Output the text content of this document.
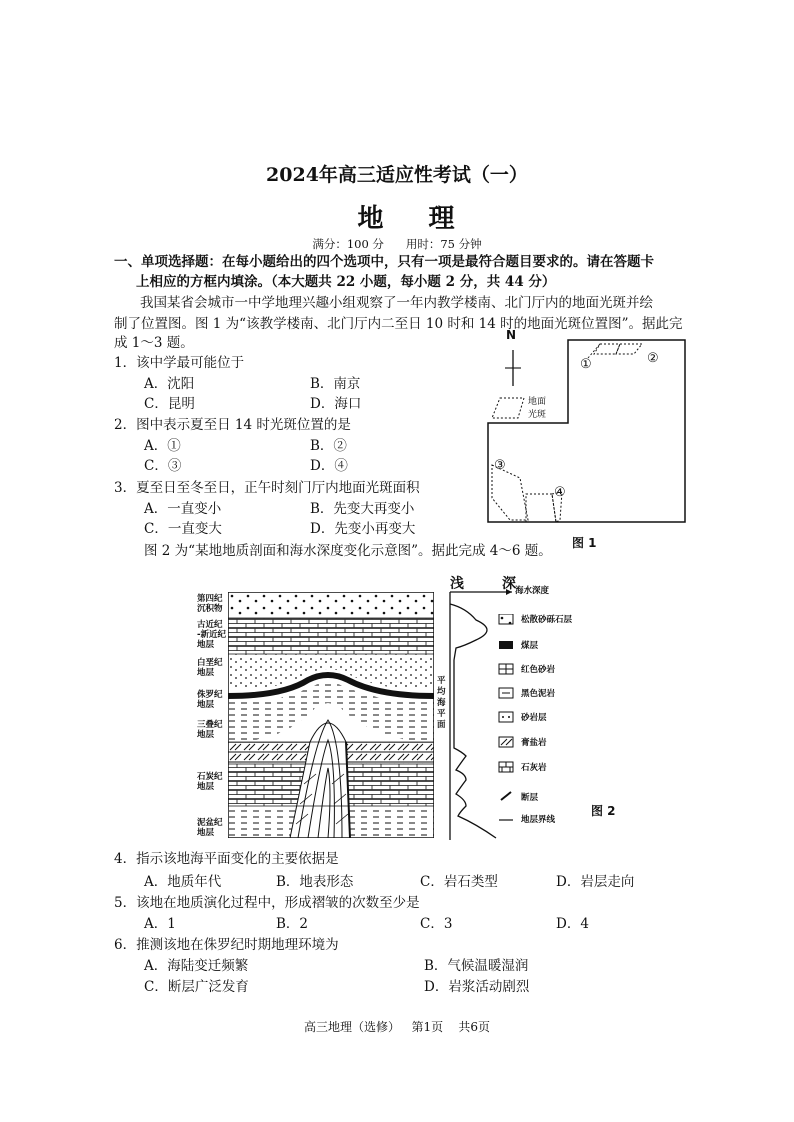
2024年高三适应性考试（一）
地 理
满分：100 分      用时：75 分钟
一、单项选择题：在每小题给出的四个选项中，只有一项是最符合题目要求的。请在答题卡
上相应的方框内填涂。（本大题共 22 小题，每小题 2 分，共 44 分）
我国某省会城市一中学地理兴趣小组观察了一年内教学楼南、北门厅内的地面光斑并绘
制了位置图。图 1 为“该教学楼南、北门厅内二至日 10 时和 14 时的地面光斑位置图”。据此完
成 1～3 题。
1．该中学最可能位于
A．沈阳	B．南京
C．昆明	D．海口
2．图中表示夏至日 14 时光斑位置的是
A．①	B．②
C．③	D．④
3．夏至日至冬至日，正午时刻门厅内地面光斑面积
A．一直变小	B．先变大再变小
C．一直变大	D．先变小再变大
N
地面
光斑
①	②
③
④
图 1
图 2 为“某地地质剖面和海水深度变化示意图”。据此完成 4～6 题。
第四纪
沉积物
古近纪
-新近纪
地层
白垩纪
地层
侏罗纪
地层
三叠纪
地层
石炭纪
地层
泥盆纪
地层
浅	深 海水深度
平均海平面
松散砂砾石层
煤层
红色砂岩
黑色泥岩
砂岩层
膏盐岩
石灰岩
断层
地层界线
图 2
4．指示该地海平面变化的主要依据是
A．地质年代	B．地表形态	C．岩石类型	D．岩层走向
5．该地在地质演化过程中，形成褶皱的次数至少是
A．1	B．2	C．3	D．4
6．推测该地在侏罗纪时期地理环境为
A．海陆变迁频繁	B．气候温暖湿润
C．断层广泛发育	D．岩浆活动剧烈
高三地理（选修）   第1页    共6页
